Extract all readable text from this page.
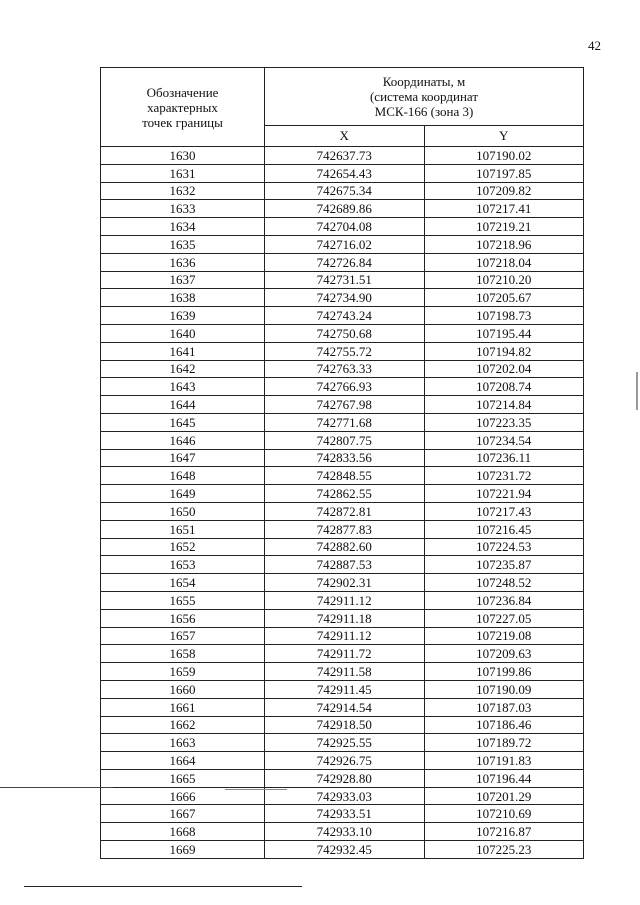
42
Обозначение
характерных
точек границы	Координаты, м
(система координат
МСК-166 (зона 3)	

	X	Y
1630	742637.73	107190.02
1631	742654.43	107197.85
1632	742675.34	107209.82
1633	742689.86	107217.41
1634	742704.08	107219.21
1635	742716.02	107218.96
1636	742726.84	107218.04
1637	742731.51	107210.20
1638	742734.90	107205.67
1639	742743.24	107198.73
1640	742750.68	107195.44
1641	742755.72	107194.82
1642	742763.33	107202.04
1643	742766.93	107208.74
1644	742767.98	107214.84
1645	742771.68	107223.35
1646	742807.75	107234.54
1647	742833.56	107236.11
1648	742848.55	107231.72
1649	742862.55	107221.94
1650	742872.81	107217.43
1651	742877.83	107216.45
1652	742882.60	107224.53
1653	742887.53	107235.87
1654	742902.31	107248.52
1655	742911.12	107236.84
1656	742911.18	107227.05
1657	742911.12	107219.08
1658	742911.72	107209.63
1659	742911.58	107199.86
1660	742911.45	107190.09
1661	742914.54	107187.03
1662	742918.50	107186.46
1663	742925.55	107189.72
1664	742926.75	107191.83
1665	742928.80	107196.44
1666	742933.03	107201.29
1667	742933.51	107210.69
1668	742933.10	107216.87
1669	742932.45	107225.23
